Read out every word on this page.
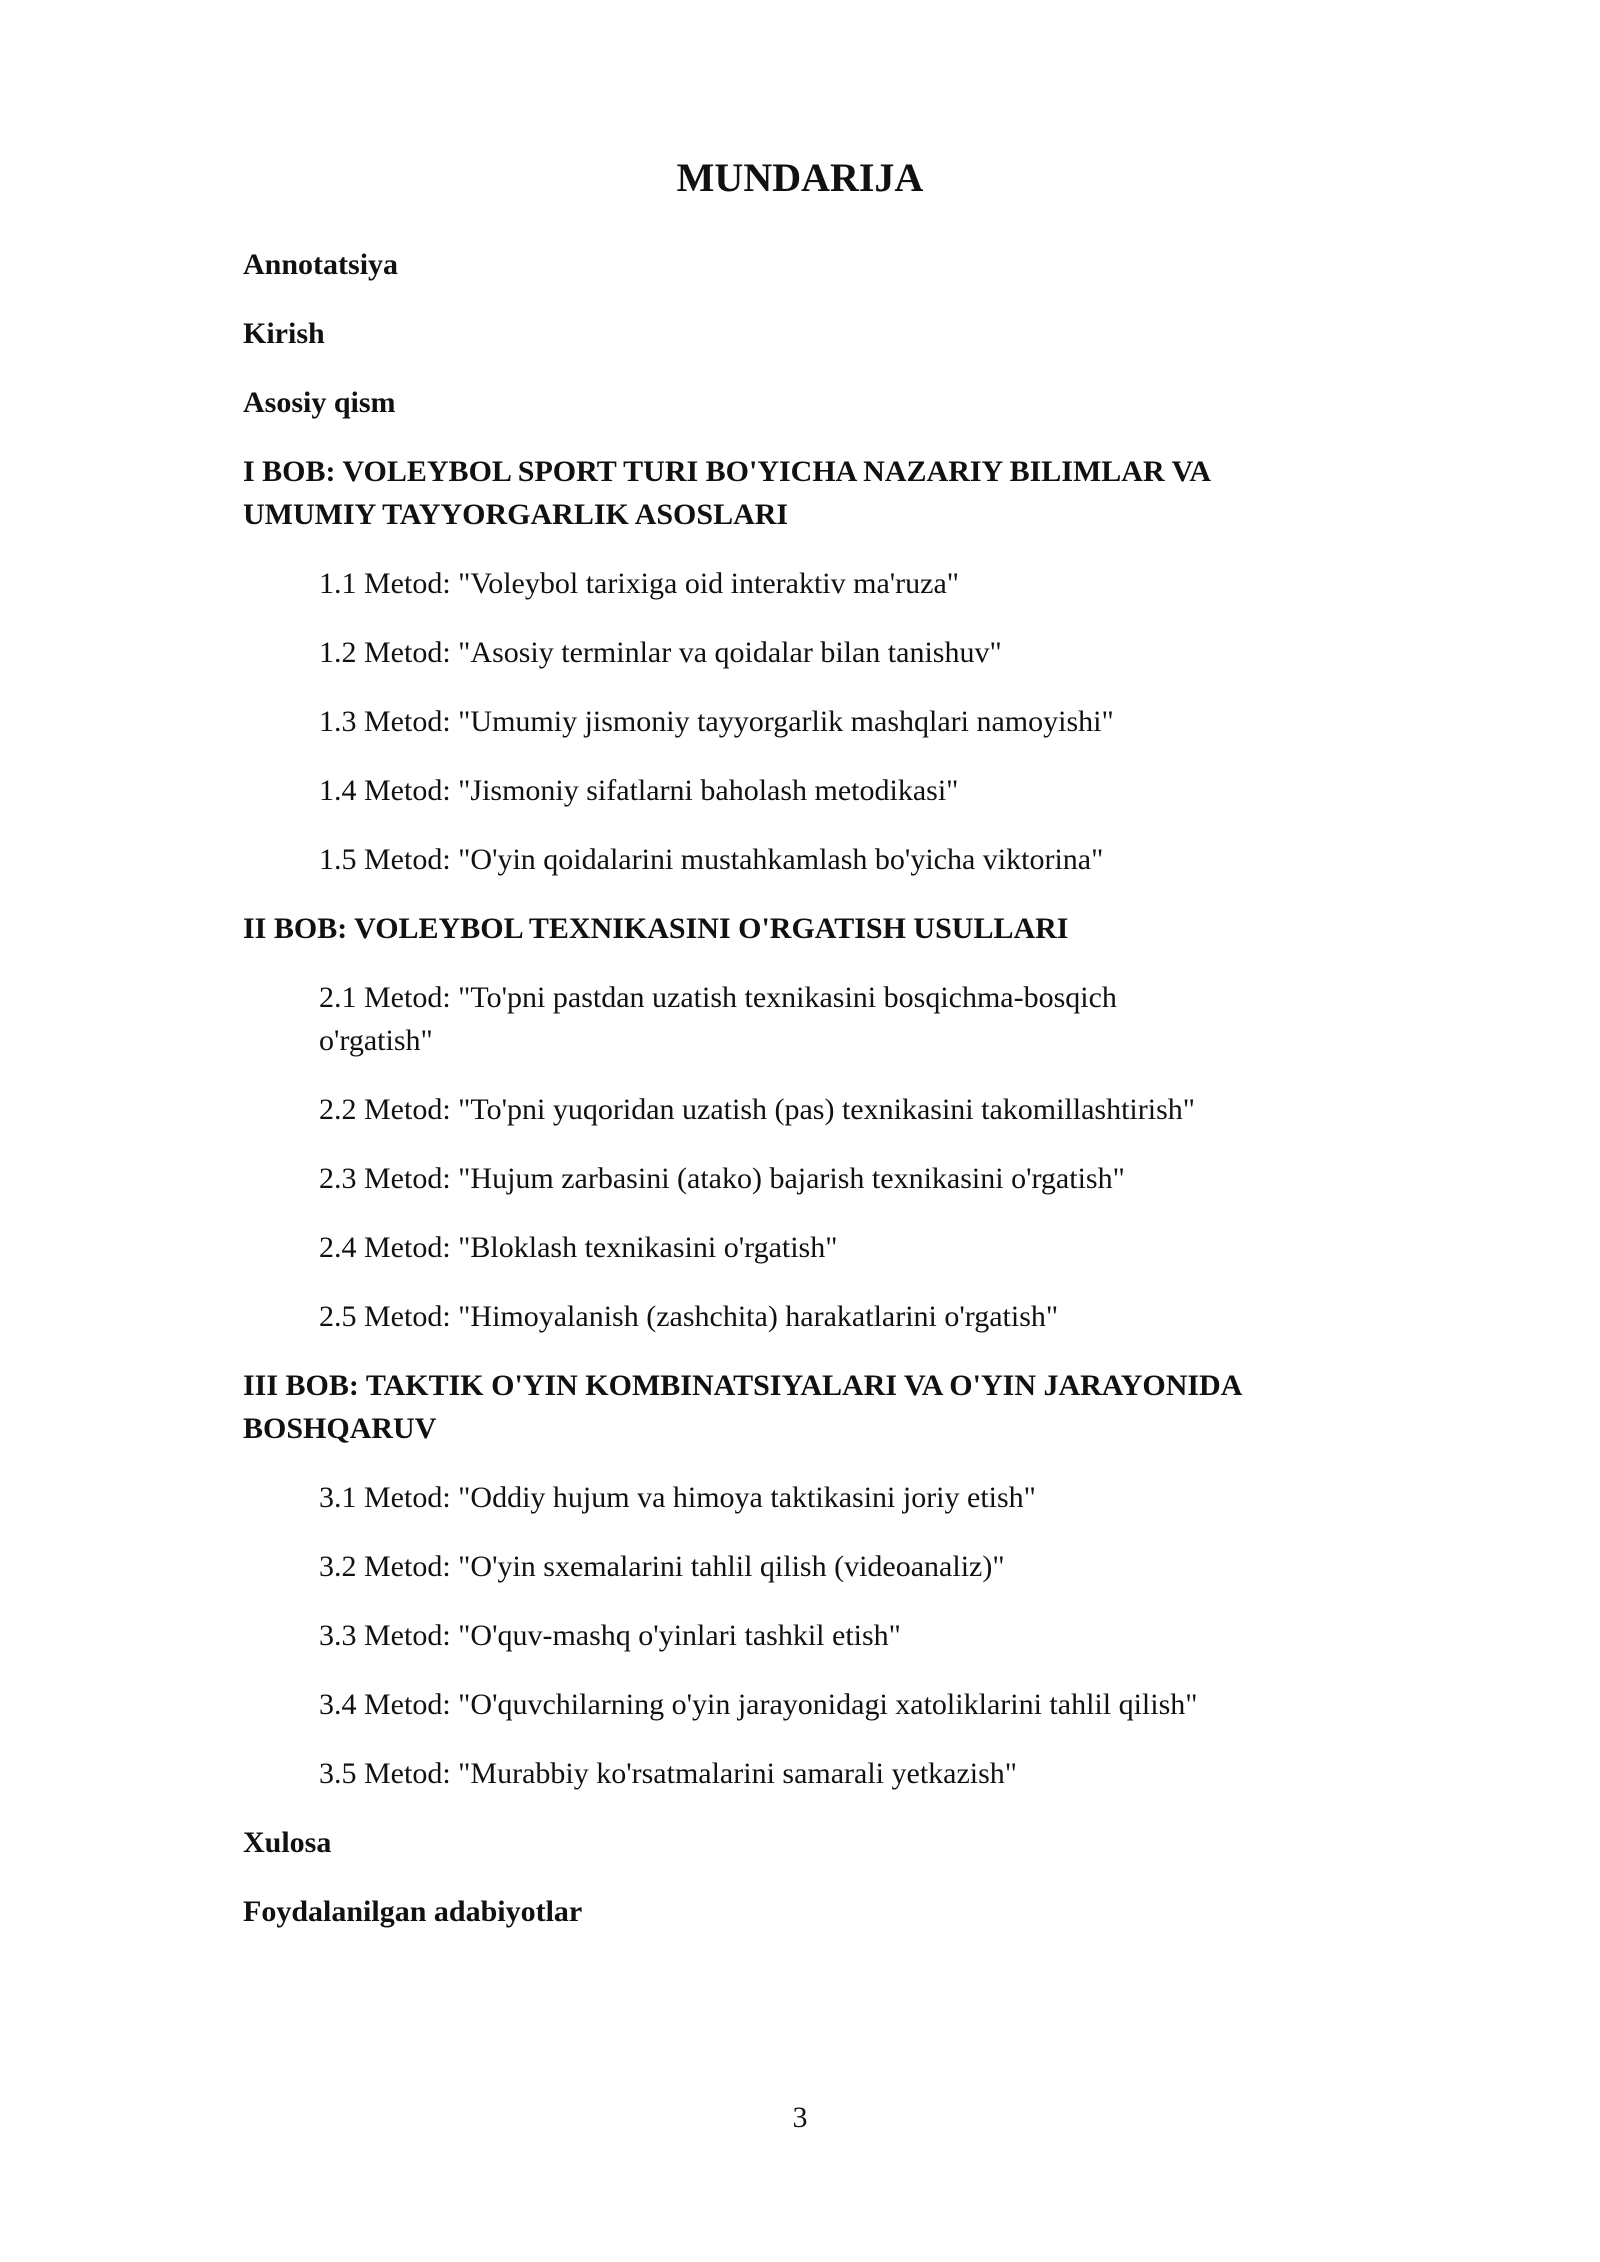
MUNDARIJA
Annotatsiya
Kirish
Asosiy qism
I BOB: VOLEYBOL SPORT TURI BO'YICHA NAZARIY BILIMLAR VA UMUMIY TAYYORGARLIK ASOSLARI
1.1 Metod: "Voleybol tarixiga oid interaktiv ma'ruza"
1.2 Metod: "Asosiy terminlar va qoidalar bilan tanishuv"
1.3 Metod: "Umumiy jismoniy tayyorgarlik mashqlari namoyishi"
1.4 Metod: "Jismoniy sifatlarni baholash metodikasi"
1.5 Metod: "O'yin qoidalarini mustahkamlash bo'yicha viktorina"
II BOB: VOLEYBOL TEXNIKASINI O'RGATISH USULLARI
2.1 Metod: "To'pni pastdan uzatish texnikasini bosqichma-bosqich o'rgatish"
2.2 Metod: "To'pni yuqoridan uzatish (pas) texnikasini takomillashtirish"
2.3 Metod: "Hujum zarbasini (atako) bajarish texnikasini o'rgatish"
2.4 Metod: "Bloklash texnikasini o'rgatish"
2.5 Metod: "Himoyalanish (zashchita) harakatlarini o'rgatish"
III BOB: TAKTIK O'YIN KOMBINATSIYALARI VA O'YIN JARAYONIDA BOSHQARUV
3.1 Metod: "Oddiy hujum va himoya taktikasini joriy etish"
3.2 Metod: "O'yin sxemalarini tahlil qilish (videoanaliz)"
3.3 Metod: "O'quv-mashq o'yinlari tashkil etish"
3.4 Metod: "O'quvchilarning o'yin jarayonidagi xatoliklarini tahlil qilish"
3.5 Metod: "Murabbiy ko'rsatmalarini samarali yetkazish"
Xulosa
Foydalanilgan adabiyotlar
3
